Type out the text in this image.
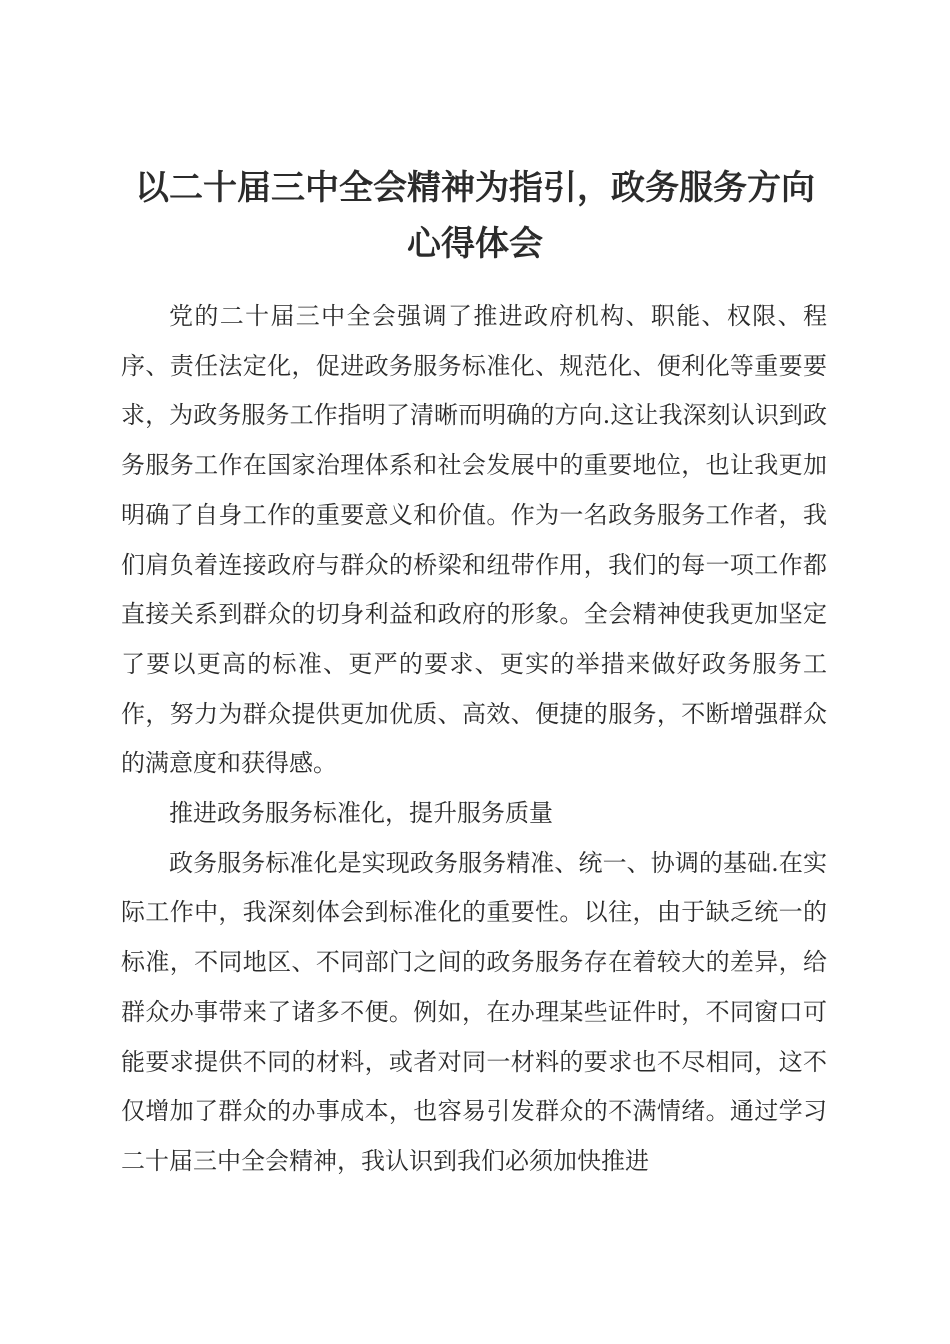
以二十届三中全会精神为指引，政务服务方向
心得体会

党的二十届三中全会强调了推进政府机构、职能、权限、程序、责任法定化，促进政务服务标准化、规范化、便利化等重要要求，为政务服务工作指明了清晰而明确的方向.这让我深刻认识到政务服务工作在国家治理体系和社会发展中的重要地位，也让我更加明确了自身工作的重要意义和价值。作为一名政务服务工作者，我们肩负着连接政府与群众的桥梁和纽带作用，我们的每一项工作都直接关系到群众的切身利益和政府的形象。全会精神使我更加坚定了要以更高的标准、更严的要求、更实的举措来做好政务服务工作，努力为群众提供更加优质、高效、便捷的服务，不断增强群众的满意度和获得感。

推进政务服务标准化，提升服务质量

政务服务标准化是实现政务服务精准、统一、协调的基础.在实际工作中，我深刻体会到标准化的重要性。以往，由于缺乏统一的标准，不同地区、不同部门之间的政务服务存在着较大的差异，给群众办事带来了诸多不便。例如，在办理某些证件时，不同窗口可能要求提供不同的材料，或者对同一材料的要求也不尽相同，这不仅增加了群众的办事成本，也容易引发群众的不满情绪。通过学习二十届三中全会精神，我认识到我们必须加快推进
